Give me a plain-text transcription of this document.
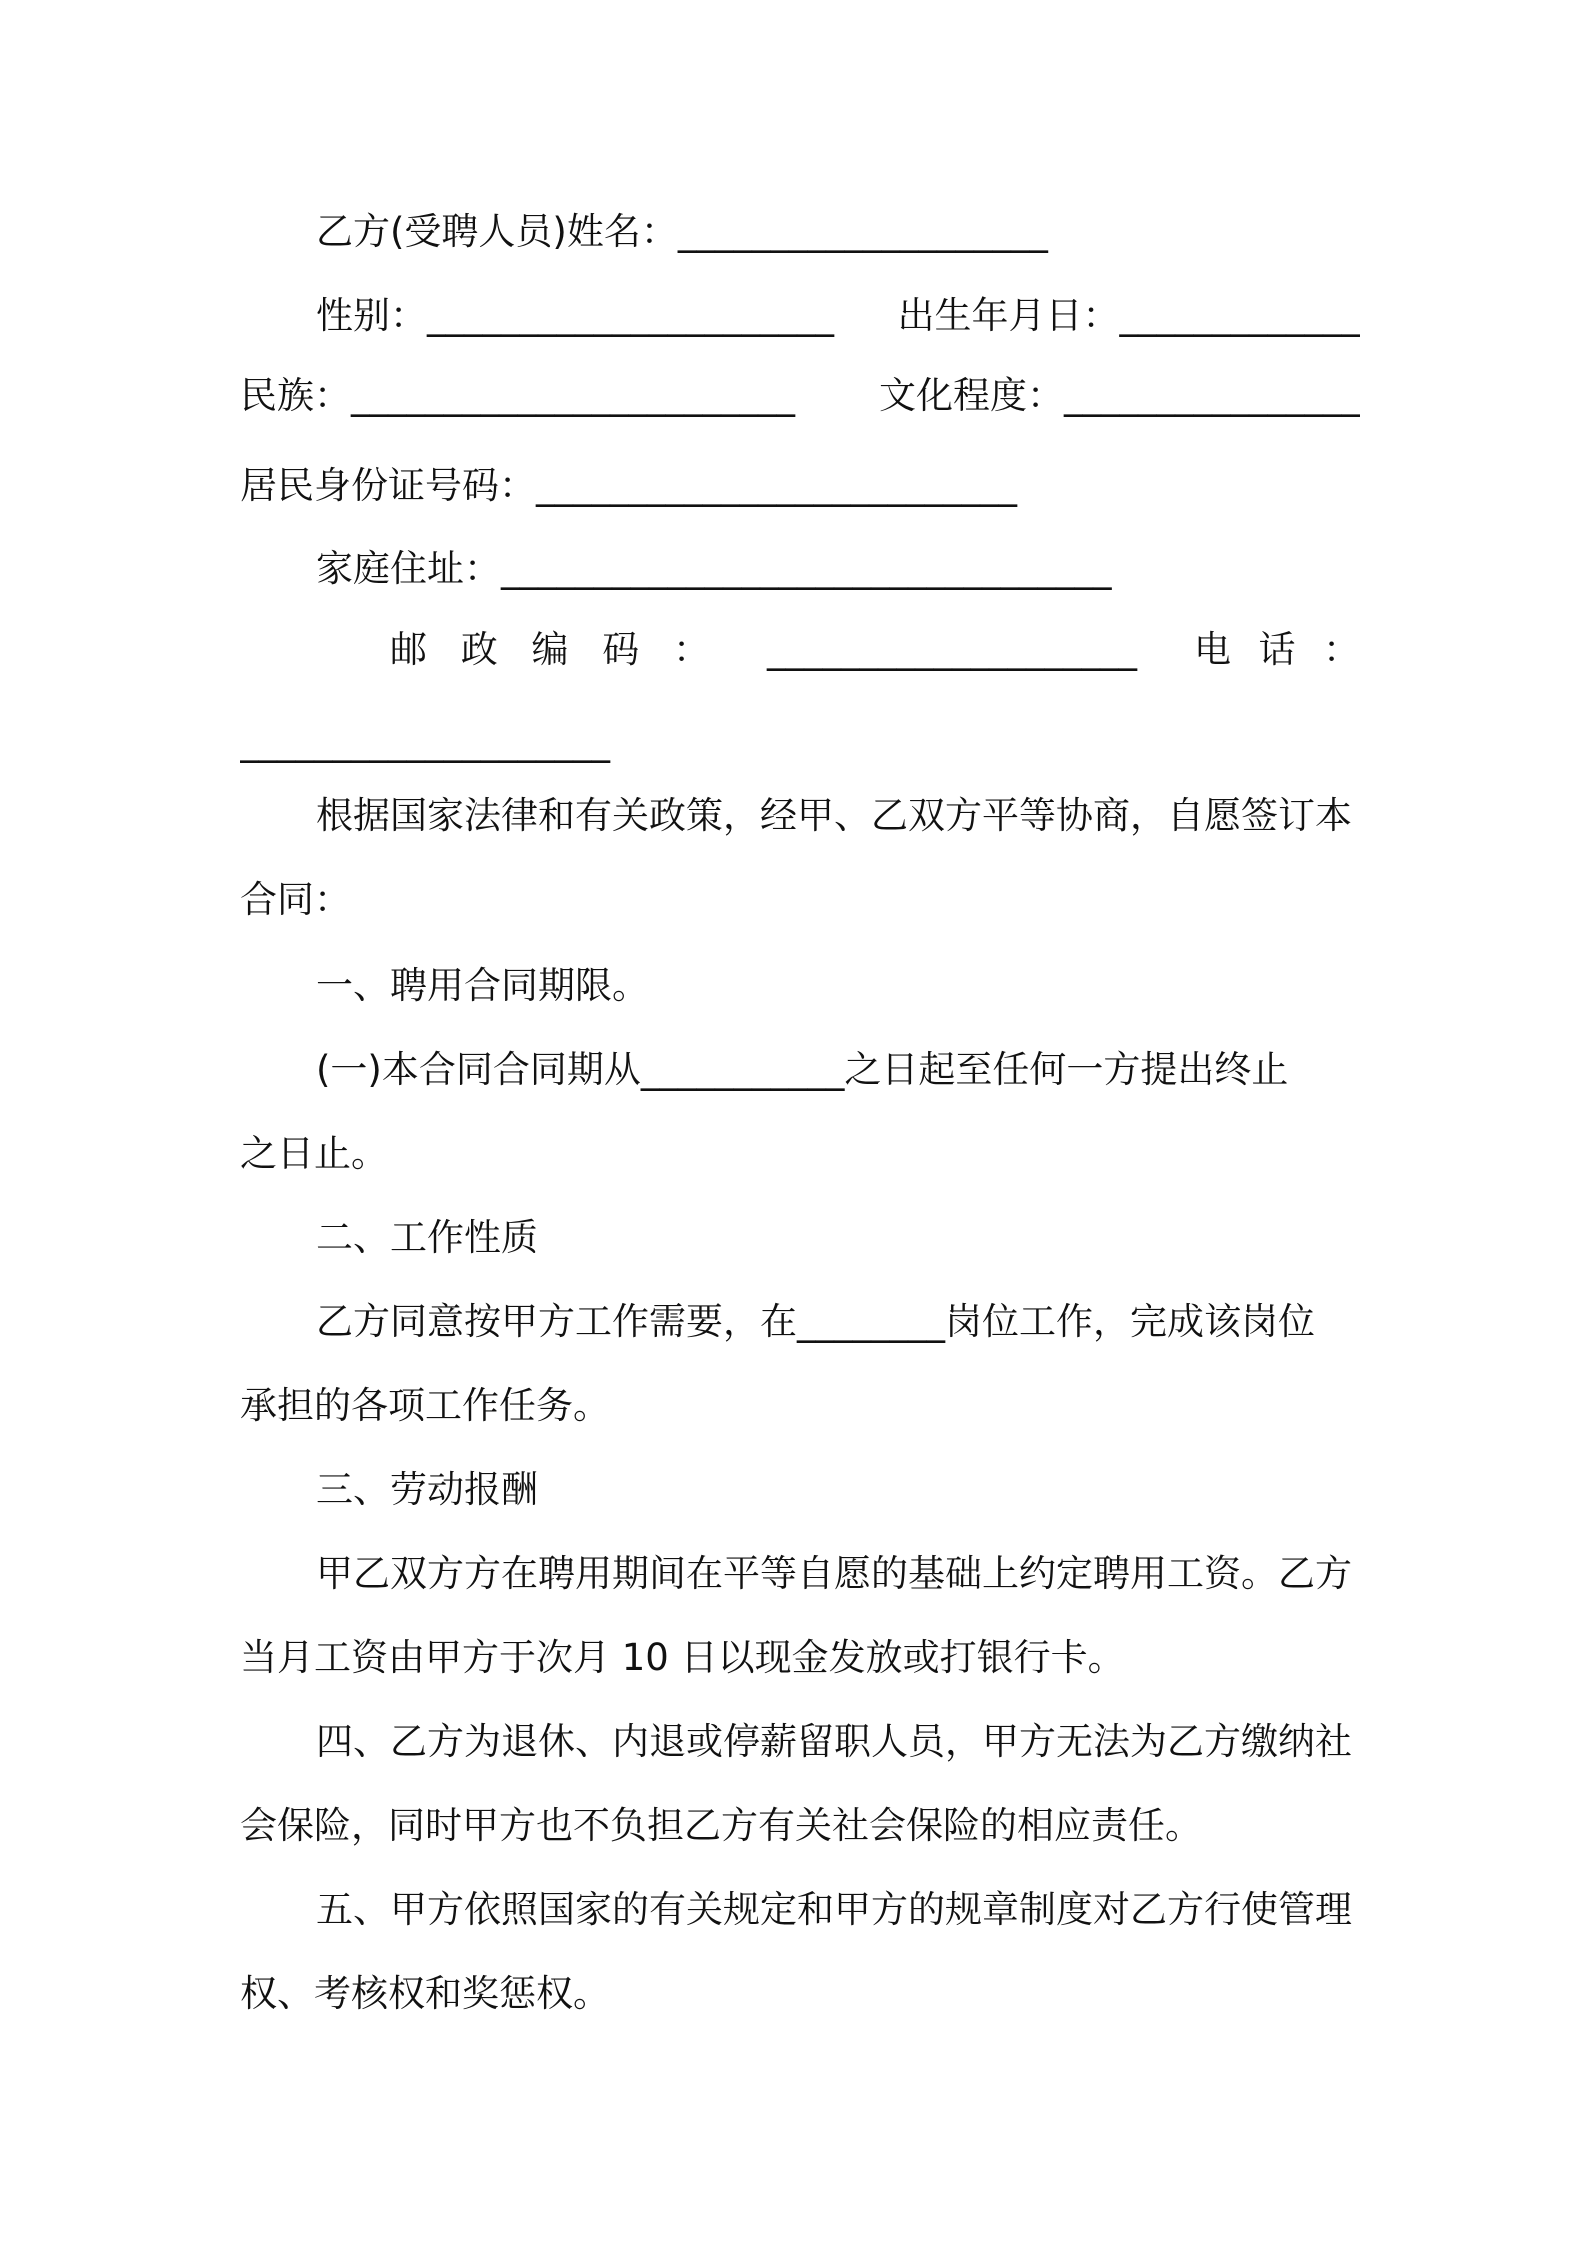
乙方(受聘人员)姓名：____________________
性别：______________________ 出生年月日：_____________
民族：________________________ 文化程度：________________
居民身份证号码：__________________________
家庭住址：_________________________________
邮 政 编 码 ： ____________________ 电 话 ：
____________________
根据国家法律和有关政策，经甲、乙双方平等协商，自愿签订本
合同：
一、聘用合同期限。
(一)本合同合同期从___________之日起至任何一方提出终止
之日止。
二、工作性质
乙方同意按甲方工作需要，在________岗位工作，完成该岗位
承担的各项工作任务。
三、劳动报酬
甲乙双方方在聘用期间在平等自愿的基础上约定聘用工资。乙方
当月工资由甲方于次月 10 日以现金发放或打银行卡。
四、乙方为退休、内退或停薪留职人员，甲方无法为乙方缴纳社
会保险，同时甲方也不负担乙方有关社会保险的相应责任。
五、甲方依照国家的有关规定和甲方的规章制度对乙方行使管理
权、考核权和奖惩权。
